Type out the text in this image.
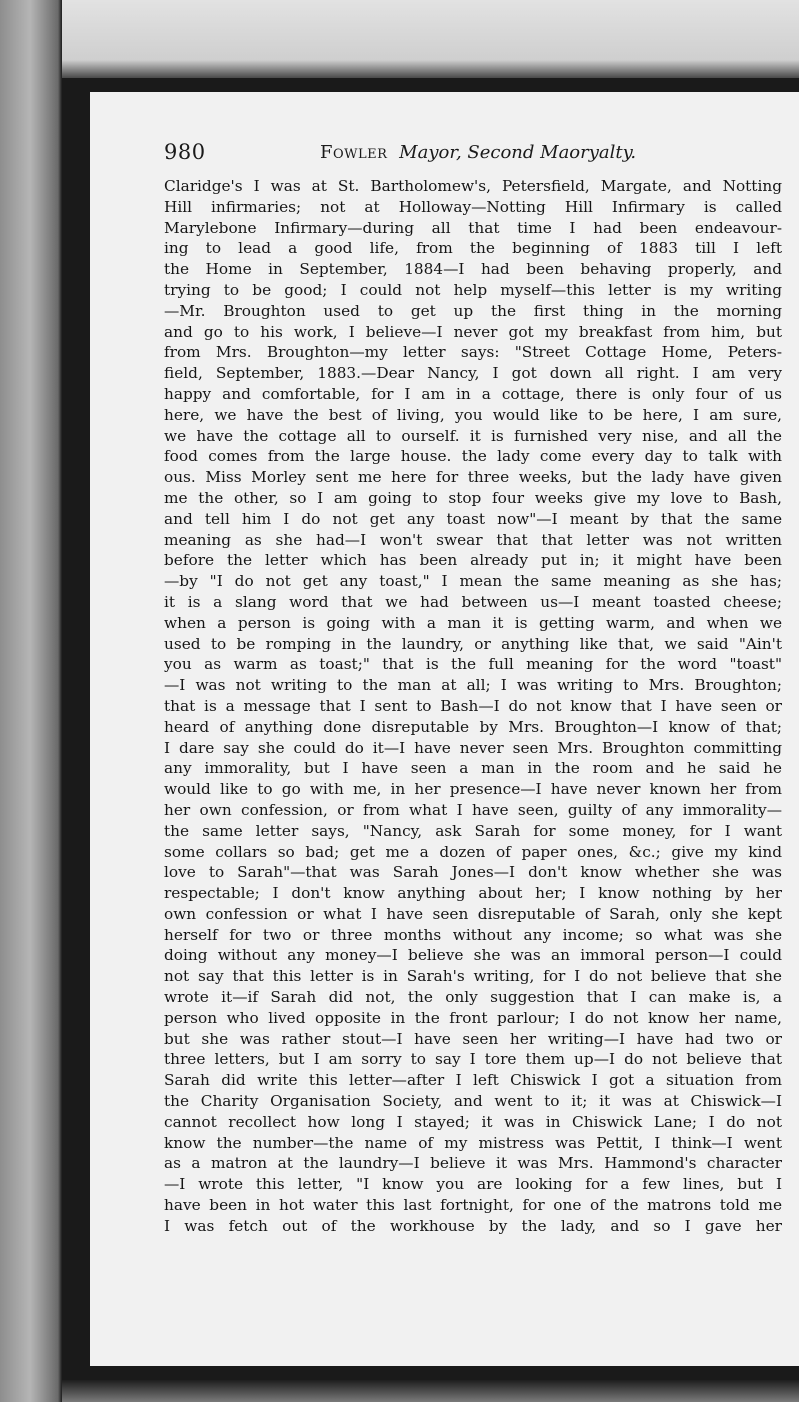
980	Fowler Mayor, Second Maoryalty.
Claridge's I was at St. Bartholomew's, Petersfield, Margate, and Notting
Hill infirmaries; not at Holloway—Notting Hill Infirmary is called
Marylebone Infirmary—during all that time I had been endeavour-
ing to lead a good life, from the beginning of 1883 till I left
the Home in September, 1884—I had been behaving properly, and
trying to be good; I could not help myself—this letter is my writing
—Mr. Broughton used to get up the first thing in the morning
and go to his work, I believe—I never got my breakfast from him, but
from Mrs. Broughton—my letter says: "Street Cottage Home, Peters-
field, September, 1883.—Dear Nancy, I got down all right. I am very
happy and comfortable, for I am in a cottage, there is only four of us
here, we have the best of living, you would like to be here, I am sure,
we have the cottage all to ourself. it is furnished very nise, and all the
food comes from the large house. the lady come every day to talk with
ous. Miss Morley sent me here for three weeks, but the lady have given
me the other, so I am going to stop four weeks give my love to Bash,
and tell him I do not get any toast now"—I meant by that the same
meaning as she had—I won't swear that that letter was not written
before the letter which has been already put in; it might have been
—by "I do not get any toast," I mean the same meaning as she has;
it is a slang word that we had between us—I meant toasted cheese;
when a person is going with a man it is getting warm, and when we
used to be romping in the laundry, or anything like that, we said "Ain't
you as warm as toast;" that is the full meaning for the word "toast"
—I was not writing to the man at all; I was writing to Mrs. Broughton;
that is a message that I sent to Bash—I do not know that I have seen or
heard of anything done disreputable by Mrs. Broughton—I know of that;
I dare say she could do it—I have never seen Mrs. Broughton committing
any immorality, but I have seen a man in the room and he said he
would like to go with me, in her presence—I have never known her from
her own confession, or from what I have seen, guilty of any immorality—
the same letter says, "Nancy, ask Sarah for some money, for I want
some collars so bad; get me a dozen of paper ones, &c.; give my kind
love to Sarah"—that was Sarah Jones—I don't know whether she was
respectable; I don't know anything about her; I know nothing by her
own confession or what I have seen disreputable of Sarah, only she kept
herself for two or three months without any income; so what was she
doing without any money—I believe she was an immoral person—I could
not say that this letter is in Sarah's writing, for I do not believe that she
wrote it—if Sarah did not, the only suggestion that I can make is, a
person who lived opposite in the front parlour; I do not know her name,
but she was rather stout—I have seen her writing—I have had two or
three letters, but I am sorry to say I tore them up—I do not believe that
Sarah did write this letter—after I left Chiswick I got a situation from
the Charity Organisation Society, and went to it; it was at Chiswick—I
cannot recollect how long I stayed; it was in Chiswick Lane; I do not
know the number—the name of my mistress was Pettit, I think—I went
as a matron at the laundry—I believe it was Mrs. Hammond's character
—I wrote this letter, "I know you are looking for a few lines, but I
have been in hot water this last fortnight, for one of the matrons told me
I was fetch out of the workhouse by the lady, and so I gave her
